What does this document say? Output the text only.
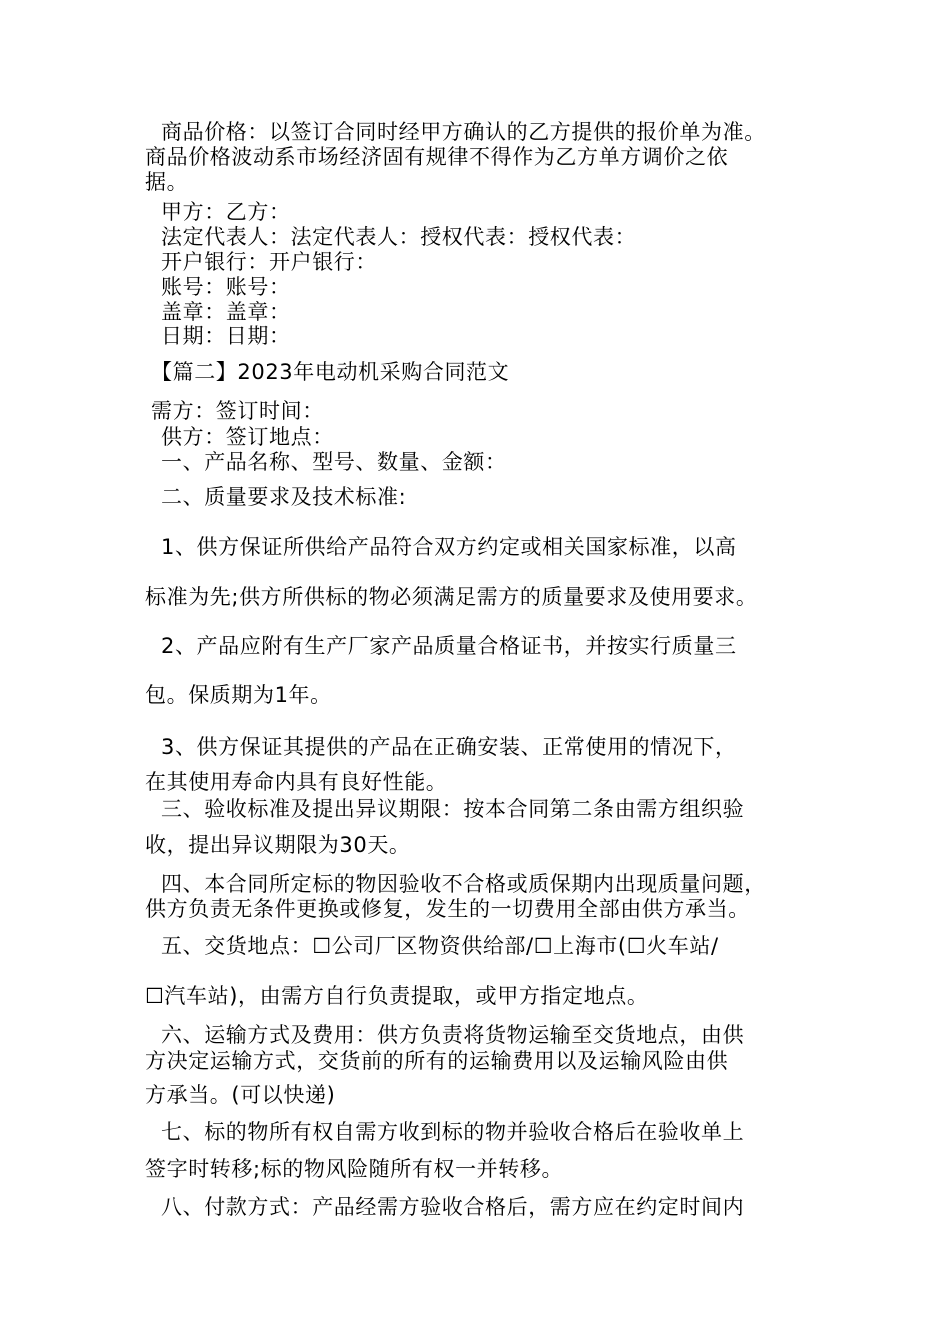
商品价格：以签订合同时经甲方确认的乙方提供的报价单为准。
商品价格波动系市场经济固有规律不得作为乙方单方调价之依
据。
甲方：乙方：
法定代表人：法定代表人：授权代表：授权代表：
开户银行：开户银行：
账号：账号：
盖章：盖章：
日期：日期：
【篇二】2023年电动机采购合同范文
需方：签订时间：
供方：签订地点：
一、产品名称、型号、数量、金额：
二、质量要求及技术标准:
1、供方保证所供给产品符合双方约定或相关国家标准，以高
标准为先;供方所供标的物必须满足需方的质量要求及使用要求。
2、产品应附有生产厂家产品质量合格证书，并按实行质量三
包。保质期为1年。
3、供方保证其提供的产品在正确安装、正常使用的情况下，
在其使用寿命内具有良好性能。
三、验收标准及提出异议期限：按本合同第二条由需方组织验
收，提出异议期限为30天。
四、本合同所定标的物因验收不合格或质保期内出现质量问题，
供方负责无条件更换或修复，发生的一切费用全部由供方承当。
五、交货地点：☐公司厂区物资供给部/☐上海市(☐火车站/
☐汽车站)，由需方自行负责提取，或甲方指定地点。
六、运输方式及费用：供方负责将货物运输至交货地点，由供
方决定运输方式，交货前的所有的运输费用以及运输风险由供
方承当。(可以快递)
七、标的物所有权自需方收到标的物并验收合格后在验收单上
签字时转移;标的物风险随所有权一并转移。
八、付款方式：产品经需方验收合格后，需方应在约定时间内
